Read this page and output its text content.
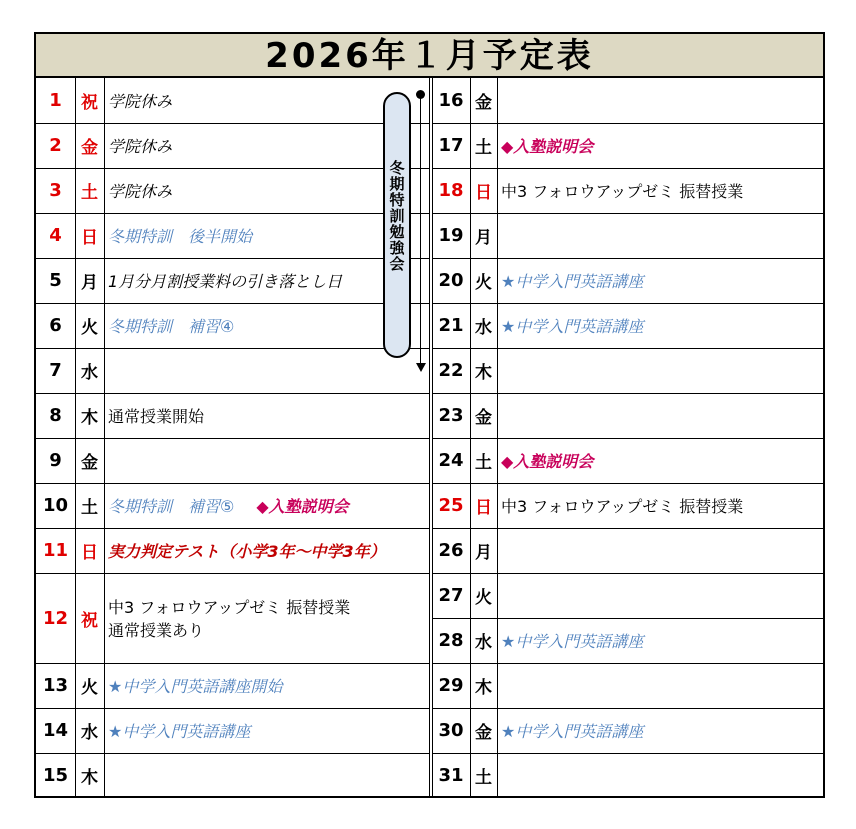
2026年１月予定表
1	祝 学院休み
2	金 学院休み
3	土 学院休み
4	日 冬期特訓　後半開始
5	月 1月分月割授業料の引き落とし日
6	火 冬期特訓　補習④
7	水
8	木 通常授業開始
9	金
10 土 冬期特訓　補習⑤ ◆入塾説明会
11 日 実力判定テスト（小学3年～中学3年）
12 祝
中3 フォロウアップゼミ 振替授業
通常授業あり
13 火 ★中学入門英語講座開始
14 水 ★中学入門英語講座
15 木
16 金
17 土 ◆入塾説明会
18 日 中3 フォロウアップゼミ 振替授業
19 月
20 火 ★中学入門英語講座
21 水 ★中学入門英語講座
22 木
23 金
24 土 ◆入塾説明会
25 日 中3 フォロウアップゼミ 振替授業
26 月
27 火
28 水 ★中学入門英語講座
29 木
30 金 ★中学入門英語講座
31 土
冬
期
特
訓
勉
強
会
